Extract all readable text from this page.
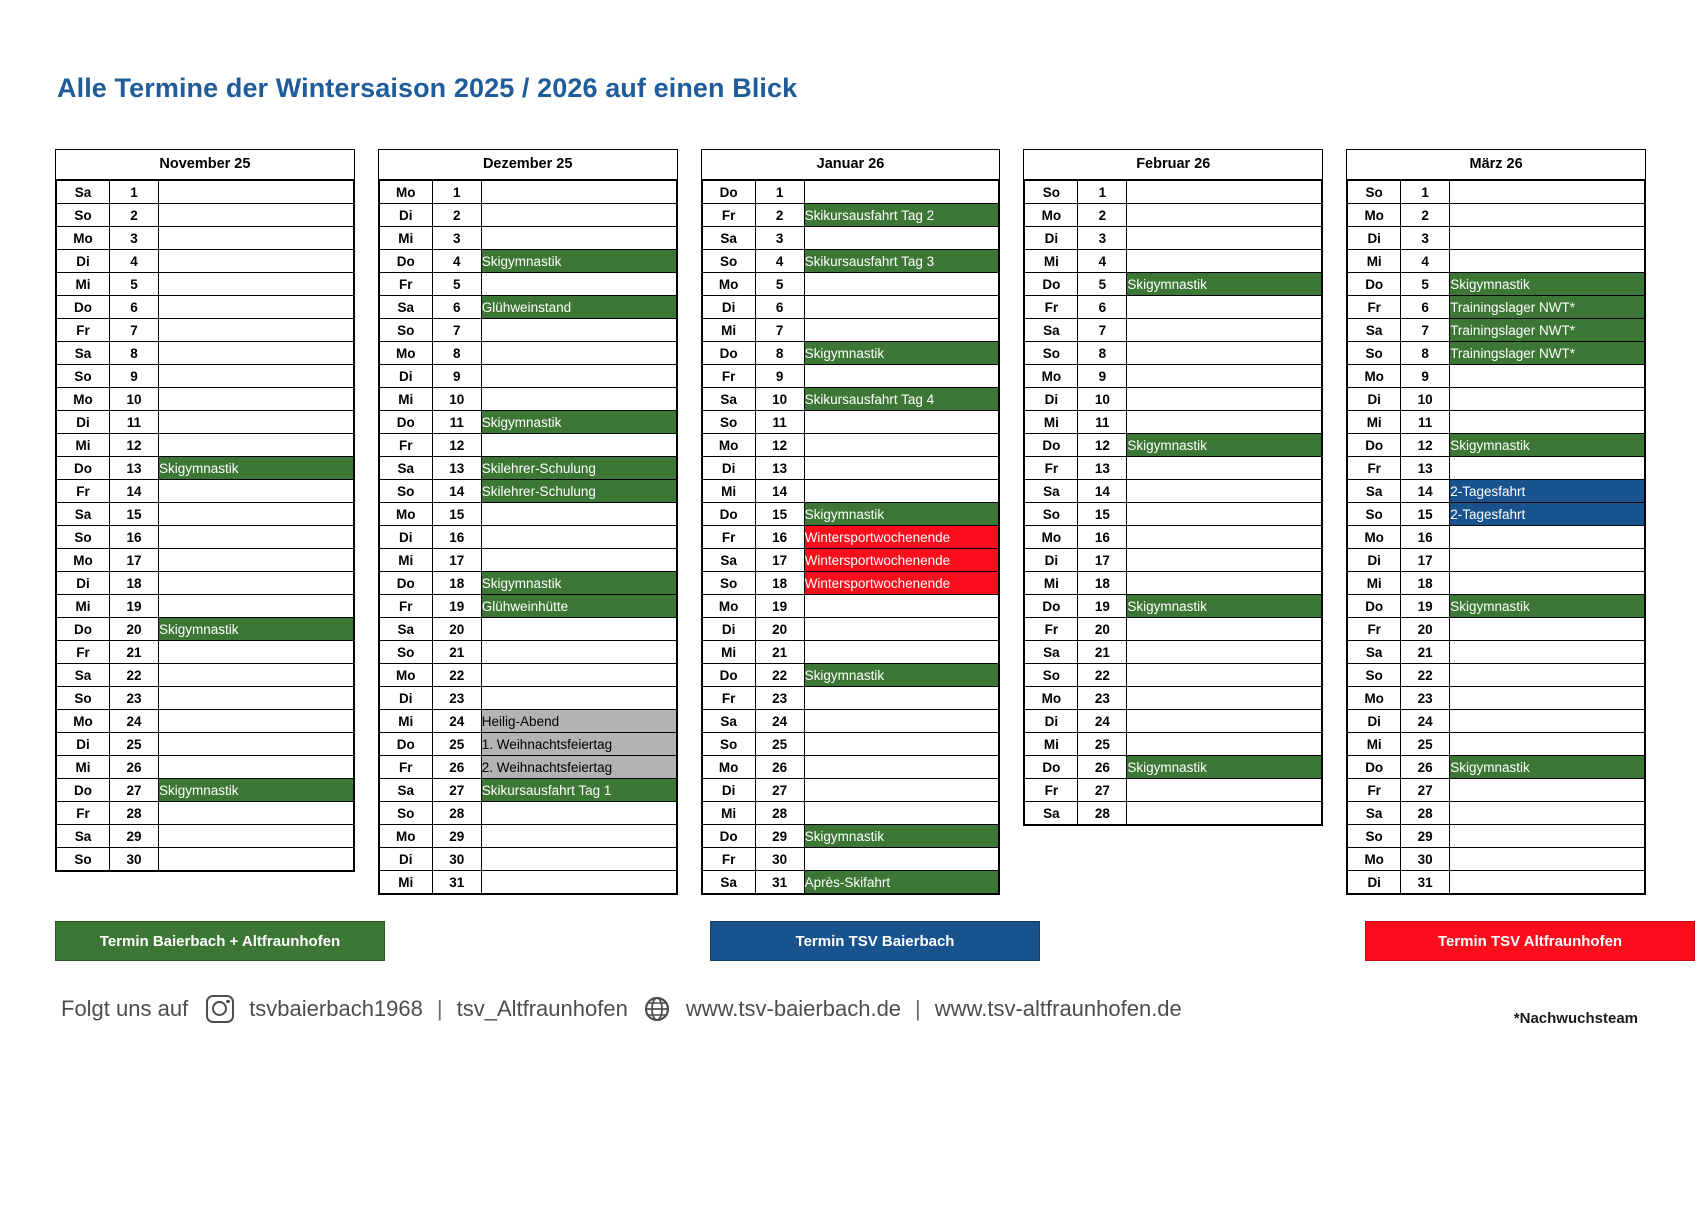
Alle Termine der Wintersaison 2025 / 2026 auf einen Blick
November 25
Sa	1	
So	2	
Mo	3	
Di	4	
Mi	5	
Do	6	
Fr	7	
Sa	8	
So	9	
Mo	10	
Di	11	
Mi	12	
Do	13	Skigymnastik
Fr	14	
Sa	15	
So	16	
Mo	17	
Di	18	
Mi	19	
Do	20	Skigymnastik
Fr	21	
Sa	22	
So	23	
Mo	24	
Di	25	
Mi	26	
Do	27	Skigymnastik
Fr	28	
Sa	29	
So	30	
Dezember 25
Mo	1	
Di	2	
Mi	3	
Do	4	Skigymnastik
Fr	5	
Sa	6	Glühweinstand
So	7	
Mo	8	
Di	9	
Mi	10	
Do	11	Skigymnastik
Fr	12	
Sa	13	Skilehrer-Schulung
So	14	Skilehrer-Schulung
Mo	15	
Di	16	
Mi	17	
Do	18	Skigymnastik
Fr	19	Glühweinhütte
Sa	20	
So	21	
Mo	22	
Di	23	
Mi	24	Heilig-Abend
Do	25	1. Weihnachtsfeiertag
Fr	26	2. Weihnachtsfeiertag
Sa	27	Skikursausfahrt Tag 1
So	28	
Mo	29	
Di	30	
Mi	31	
Januar 26
Do	1	
Fr	2	Skikursausfahrt Tag 2
Sa	3	
So	4	Skikursausfahrt Tag 3
Mo	5	
Di	6	
Mi	7	
Do	8	Skigymnastik
Fr	9	
Sa	10	Skikursausfahrt Tag 4
So	11	
Mo	12	
Di	13	
Mi	14	
Do	15	Skigymnastik
Fr	16	Wintersportwochenende
Sa	17	Wintersportwochenende
So	18	Wintersportwochenende
Mo	19	
Di	20	
Mi	21	
Do	22	Skigymnastik
Fr	23	
Sa	24	
So	25	
Mo	26	
Di	27	
Mi	28	
Do	29	Skigymnastik
Fr	30	
Sa	31	Après-Skifahrt
Februar 26
So	1	
Mo	2	
Di	3	
Mi	4	
Do	5	Skigymnastik
Fr	6	
Sa	7	
So	8	
Mo	9	
Di	10	
Mi	11	
Do	12	Skigymnastik
Fr	13	
Sa	14	
So	15	
Mo	16	
Di	17	
Mi	18	
Do	19	Skigymnastik
Fr	20	
Sa	21	
So	22	
Mo	23	
Di	24	
Mi	25	
Do	26	Skigymnastik
Fr	27	
Sa	28	
März 26
So	1	
Mo	2	
Di	3	
Mi	4	
Do	5	Skigymnastik
Fr	6	Trainingslager NWT*
Sa	7	Trainingslager NWT*
So	8	Trainingslager NWT*
Mo	9	
Di	10	
Mi	11	
Do	12	Skigymnastik
Fr	13	
Sa	14	2-Tagesfahrt
So	15	2-Tagesfahrt
Mo	16	
Di	17	
Mi	18	
Do	19	Skigymnastik
Fr	20	
Sa	21	
So	22	
Mo	23	
Di	24	
Mi	25	
Do	26	Skigymnastik
Fr	27	
Sa	28	
So	29	
Mo	30	
Di	31	
Termin Baierbach + Altfraunhofen	Termin TSV Baierbach	Termin TSV Altfraunhofen
Folgt uns auf	tsvbaierbach1968 | tsv_Altfraunhofen	www.tsv-baierbach.de | www.tsv-altfraunhofen.de	*Nachwuchsteam
